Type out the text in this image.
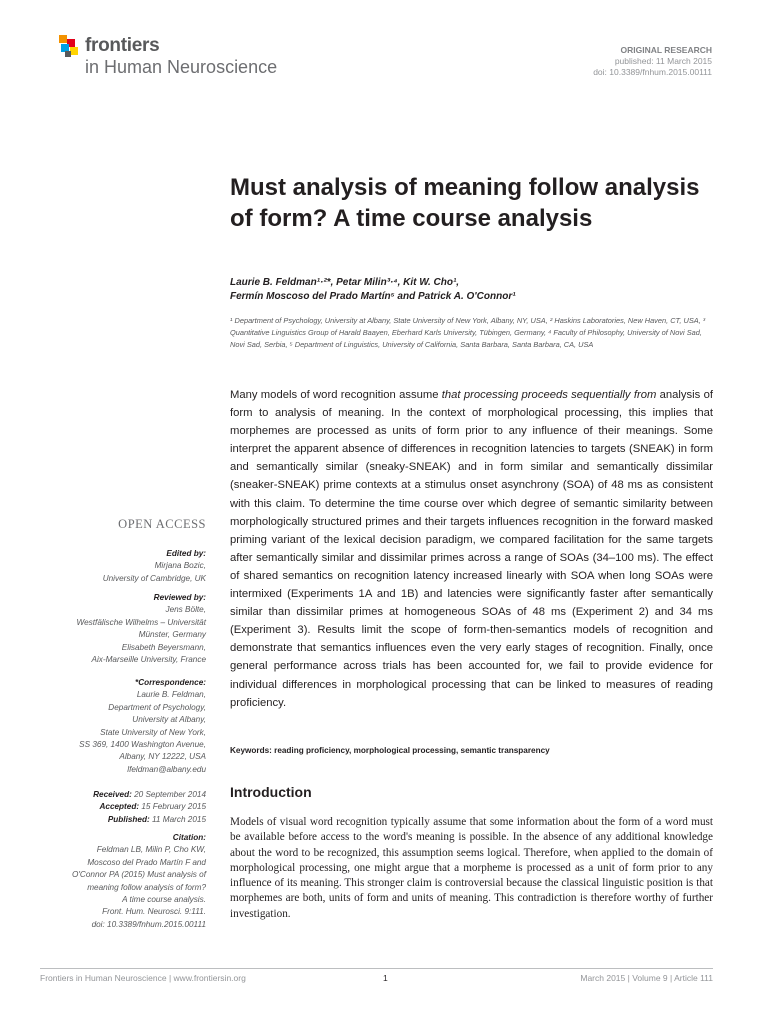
frontiers
in Human Neuroscience
ORIGINAL RESEARCH
published: 11 March 2015
doi: 10.3389/fnhum.2015.00111
OPEN ACCESS
Edited by:
Mirjana Bozic,
University of Cambridge, UK
Reviewed by:
Jens Bölte,
Westfälische Wilhelms – Universität
Münster, Germany
Elisabeth Beyersmann,
Aix-Marseille University, France
*Correspondence:
Laurie B. Feldman,
Department of Psychology,
University at Albany,
State University of New York,
SS 369, 1400 Washington Avenue,
Albany, NY 12222, USA
lfeldman@albany.edu
Received: 20 September 2014
Accepted: 15 February 2015
Published: 11 March 2015
Citation:
Feldman LB, Milin P, Cho KW,
Moscoso del Prado Martín F and
O'Connor PA (2015) Must analysis of
meaning follow analysis of form?
A time course analysis.
Front. Hum. Neurosci. 9:111.
doi: 10.3389/fnhum.2015.00111
Must analysis of meaning follow analysis of form? A time course analysis
Laurie B. Feldman¹·²*, Petar Milin³·⁴, Kit W. Cho¹,
Fermín Moscoso del Prado Martín⁵ and Patrick A. O'Connor¹
¹ Department of Psychology, University at Albany, State University of New York, Albany, NY, USA, ² Haskins Laboratories, New Haven, CT, USA, ³ Quantitative Linguistics Group of Harald Baayen, Eberhard Karls University, Tübingen, Germany, ⁴ Faculty of Philosophy, University of Novi Sad, Novi Sad, Serbia, ⁵ Department of Linguistics, University of California, Santa Barbara, Santa Barbara, CA, USA
Many models of word recognition assume that processing proceeds sequentially from analysis of form to analysis of meaning. In the context of morphological processing, this implies that morphemes are processed as units of form prior to any influence of their meanings. Some interpret the apparent absence of differences in recognition latencies to targets (SNEAK) in form and semantically similar (sneaky-SNEAK) and in form similar and semantically dissimilar (sneaker-SNEAK) prime contexts at a stimulus onset asynchrony (SOA) of 48 ms as consistent with this claim. To determine the time course over which degree of semantic similarity between morphologically structured primes and their targets influences recognition in the forward masked priming variant of the lexical decision paradigm, we compared facilitation for the same targets after semantically similar and dissimilar primes across a range of SOAs (34–100 ms). The effect of shared semantics on recognition latency increased linearly with SOA when long SOAs were intermixed (Experiments 1A and 1B) and latencies were significantly faster after semantically similar than dissimilar primes at homogeneous SOAs of 48 ms (Experiment 2) and 34 ms (Experiment 3). Results limit the scope of form-then-semantics models of recognition and demonstrate that semantics influences even the very early stages of recognition. Finally, once general performance across trials has been accounted for, we fail to provide evidence for individual differences in morphological processing that can be linked to measures of reading proficiency.
Keywords: reading proficiency, morphological processing, semantic transparency
Introduction
Models of visual word recognition typically assume that some information about the form of a word must be available before access to the word's meaning is possible. In the absence of any additional knowledge about the word to be recognized, this assumption seems logical. Therefore, when applied to the domain of morphological processing, one might argue that a morpheme is processed as a unit of form prior to any influence of its meaning. This stronger claim is controversial because the classical linguistic position is that morphemes are both, units of form and units of meaning. This contradiction is therefore worthy of further investigation.
Frontiers in Human Neuroscience | www.frontiersin.org	1	March 2015 | Volume 9 | Article 111
